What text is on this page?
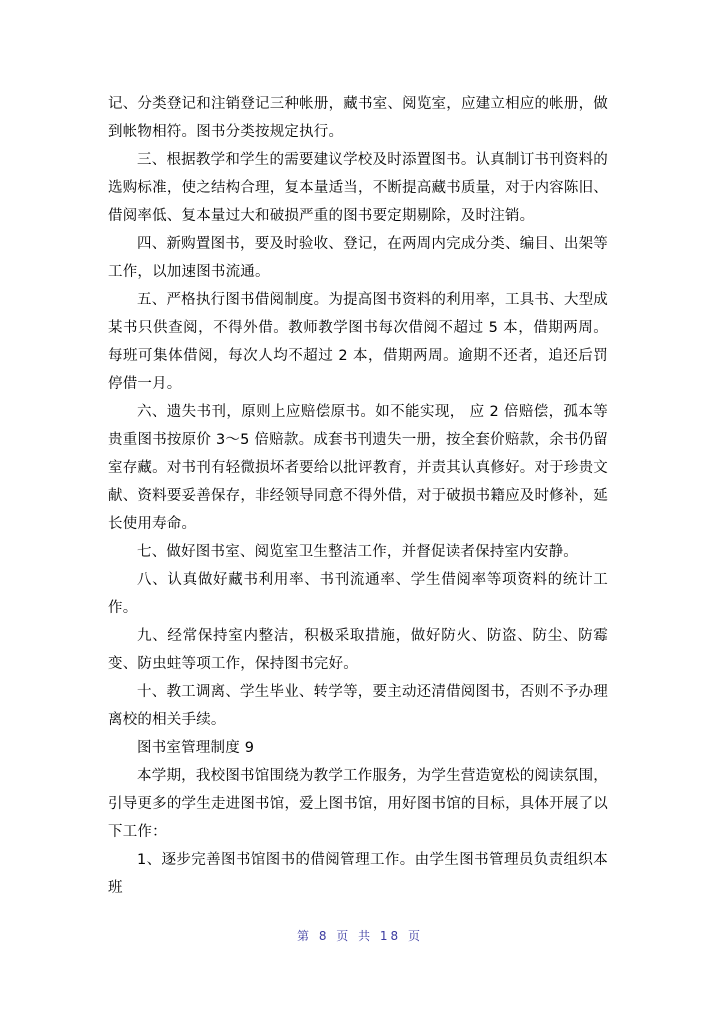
记、分类登记和注销登记三种帐册，藏书室、阅览室，应建立相应的帐册，做到帐物相符。图书分类按规定执行。

三、根据教学和学生的需要建议学校及时添置图书。认真制订书刊资料的选购标准，使之结构合理，复本量适当，不断提高藏书质量，对于内容陈旧、借阅率低、复本量过大和破损严重的图书要定期剔除，及时注销。

四、新购置图书，要及时验收、登记，在两周内完成分类、编目、出架等工作，以加速图书流通。

五、严格执行图书借阅制度。为提高图书资料的利用率，工具书、大型成某书只供查阅，不得外借。教师教学图书每次借阅不超过 5 本，借期两周。每班可集体借阅，每次人均不超过 2 本，借期两周。逾期不还者，追还后罚停借一月。

六、遗失书刊，原则上应赔偿原书。如不能实现， 应 2 倍赔偿，孤本等贵重图书按原价 3～5 倍赔款。成套书刊遗失一册，按全套价赔款，余书仍留室存藏。对书刊有轻微损坏者要给以批评教育，并责其认真修好。对于珍贵文献、资料要妥善保存，非经领导同意不得外借，对于破损书籍应及时修补，延长使用寿命。

七、做好图书室、阅览室卫生整洁工作，并督促读者保持室内安静。

八、认真做好藏书利用率、书刊流通率、学生借阅率等项资料的统计工作。

九、经常保持室内整洁，积极采取措施，做好防火、防盗、防尘、防霉变、防虫蛀等项工作，保持图书完好。

十、教工调离、学生毕业、转学等，要主动还清借阅图书，否则不予办理离校的相关手续。

图书室管理制度 9

本学期，我校图书馆围绕为教学工作服务，为学生营造宽松的阅读氛围，引导更多的学生走进图书馆，爱上图书馆，用好图书馆的目标，具体开展了以下工作：

1、逐步完善图书馆图书的借阅管理工作。由学生图书管理员负责组织本班

第 8 页 共 18 页
